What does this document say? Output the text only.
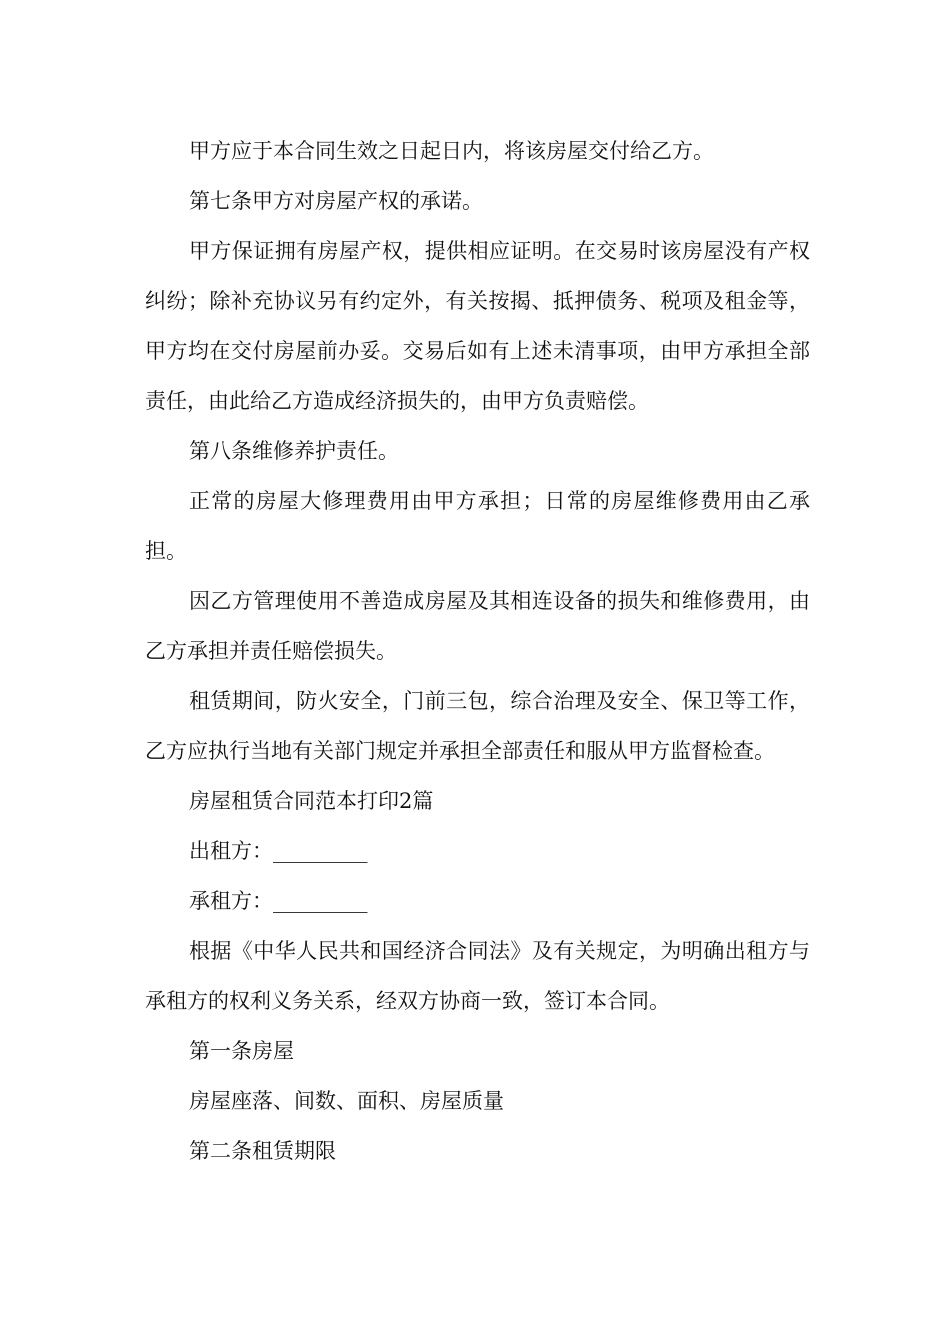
甲方应于本合同生效之日起日内，将该房屋交付给乙方。

第七条甲方对房屋产权的承诺。

甲方保证拥有房屋产权，提供相应证明。在交易时该房屋没有产权纠纷；除补充协议另有约定外，有关按揭、抵押债务、税项及租金等，甲方均在交付房屋前办妥。交易后如有上述未清事项，由甲方承担全部责任，由此给乙方造成经济损失的，由甲方负责赔偿。

第八条维修养护责任。

正常的房屋大修理费用由甲方承担；日常的房屋维修费用由乙承担。

因乙方管理使用不善造成房屋及其相连设备的损失和维修费用，由乙方承担并责任赔偿损失。

租赁期间，防火安全，门前三包，综合治理及安全、保卫等工作，乙方应执行当地有关部门规定并承担全部责任和服从甲方监督检查。

房屋租赁合同范本打印2篇

出租方：_________

承租方：_________

根据《中华人民共和国经济合同法》及有关规定，为明确出租方与承租方的权利义务关系，经双方协商一致，签订本合同。

第一条房屋

房屋座落、间数、面积、房屋质量

第二条租赁期限
